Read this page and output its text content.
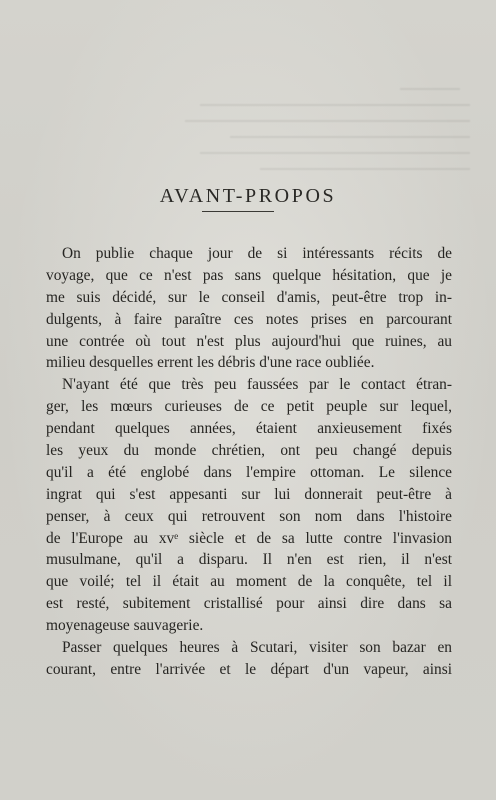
AVANT-PROPOS
On publie chaque jour de si intéressants récits de
voyage, que ce n'est pas sans quelque hésitation, que je
me suis décidé, sur le conseil d'amis, peut-être trop in-
dulgents, à faire paraître ces notes prises en parcourant
une contrée où tout n'est plus aujourd'hui que ruines, au
milieu desquelles errent les débris d'une race oubliée.
N'ayant été que très peu faussées par le contact étran-
ger, les mœurs curieuses de ce petit peuple sur lequel,
pendant quelques années, étaient anxieusement fixés
les yeux du monde chrétien, ont peu changé depuis
qu'il a été englobé dans l'empire ottoman. Le silence
ingrat qui s'est appesanti sur lui donnerait peut-être à
penser, à ceux qui retrouvent son nom dans l'histoire
de l'Europe au xvᵉ siècle et de sa lutte contre l'invasion
musulmane, qu'il a disparu. Il n'en est rien, il n'est
que voilé; tel il était au moment de la conquête, tel il
est resté, subitement cristallisé pour ainsi dire dans sa
moyenageuse sauvagerie.
Passer quelques heures à Scutari, visiter son bazar en
courant, entre l'arrivée et le départ d'un vapeur, ainsi
